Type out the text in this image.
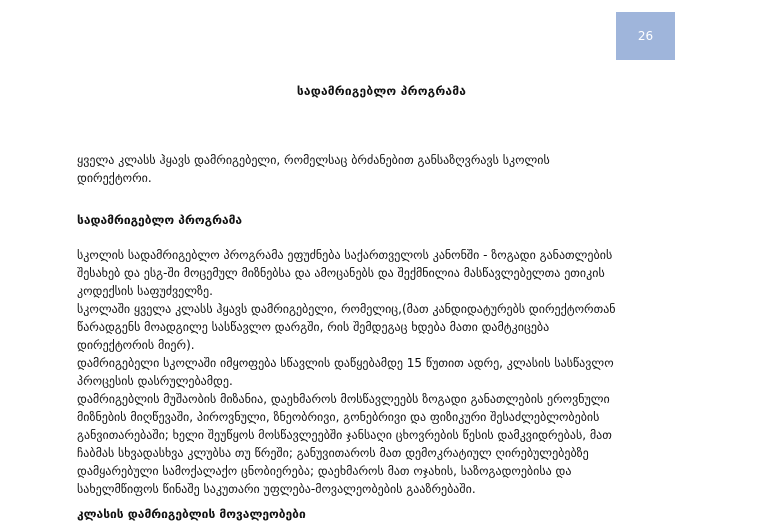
26
სადამრიგებლო პროგრამა

ყველა კლასს ჰყავს დამრიგებელი, რომელსაც ბრძანებით განსაზღვრავს სკოლის
დირექტორი.

სადამრიგებლო პროგრამა

სკოლის სადამრიგებლო პროგრამა ეფუძნება საქართველოს კანონში - ზოგადი განათლების
შესახებ და ესგ-ში მოცემულ მიზნებსა და ამოცანებს და შექმნილია მასწავლებელთა ეთიკის
კოდექსის საფუძველზე.
სკოლაში ყველა კლასს ჰყავს დამრიგებელი, რომელიც,(მათ კანდიდატურებს დირექტორთან
წარადგენს მოადგილე სასწავლო დარგში, რის შემდეგაც ხდება მათი დამტკიცება
დირექტორის მიერ).
დამრიგებელი სკოლაში იმყოფება სწავლის დაწყებამდე 15 წუთით ადრე, კლასის სასწავლო
პროცესის დასრულებამდე.
დამრიგებლის მუშაობის მიზანია, დაეხმაროს მოსწავლეებს ზოგადი განათლების ეროვნული
მიზნების მიღწევაში, პიროვნული, ზნეობრივი, გონებრივი და ფიზიკური შესაძლებლობების
განვითარებაში; ხელი შეუწყოს მოსწავლეებში ჯანსაღი ცხოვრების წესის დამკვიდრებას, მათ
ჩაბმას სხვადასხვა კლუბსა თუ წრეში; განუვითაროს მათ დემოკრატიულ ღირებულებებზე
დამყარებული სამოქალაქო ცნობიერება; დაეხმაროს მათ ოჯახის, საზოგადოებისა და
სახელმწიფოს წინაშე საკუთარი უფლება-მოვალეობების გააზრებაში.

კლასის დამრიგებლის მოვალეობები
